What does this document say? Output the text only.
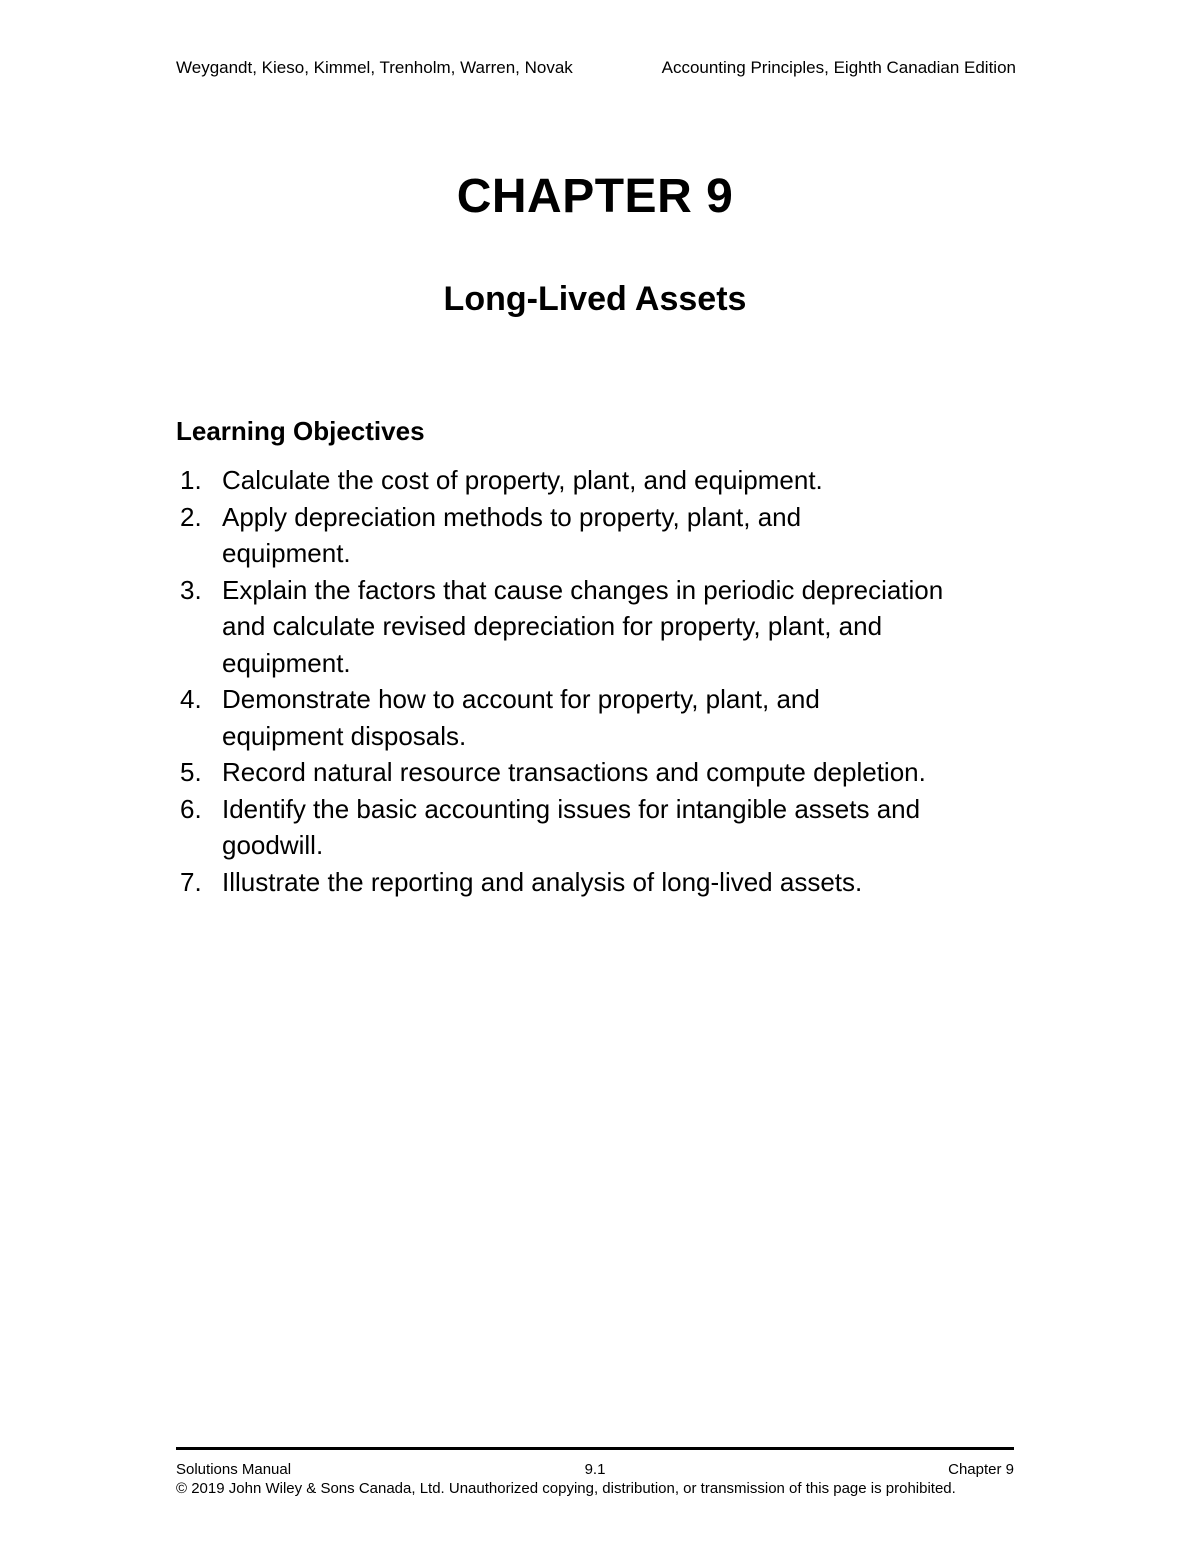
Weygandt, Kieso, Kimmel, Trenholm, Warren, Novak	Accounting Principles, Eighth Canadian Edition
CHAPTER 9
Long-Lived Assets
Learning Objectives
1. Calculate the cost of property, plant, and equipment.
2. Apply depreciation methods to property, plant, and equipment.
3. Explain the factors that cause changes in periodic depreciation and calculate revised depreciation for property, plant, and equipment.
4. Demonstrate how to account for property, plant, and equipment disposals.
5. Record natural resource transactions and compute depletion.
6. Identify the basic accounting issues for intangible assets and goodwill.
7. Illustrate the reporting and analysis of long-lived assets.
Solutions Manual	9.1	Chapter 9
© 2019 John Wiley & Sons Canada, Ltd. Unauthorized copying, distribution, or transmission of this page is prohibited.
